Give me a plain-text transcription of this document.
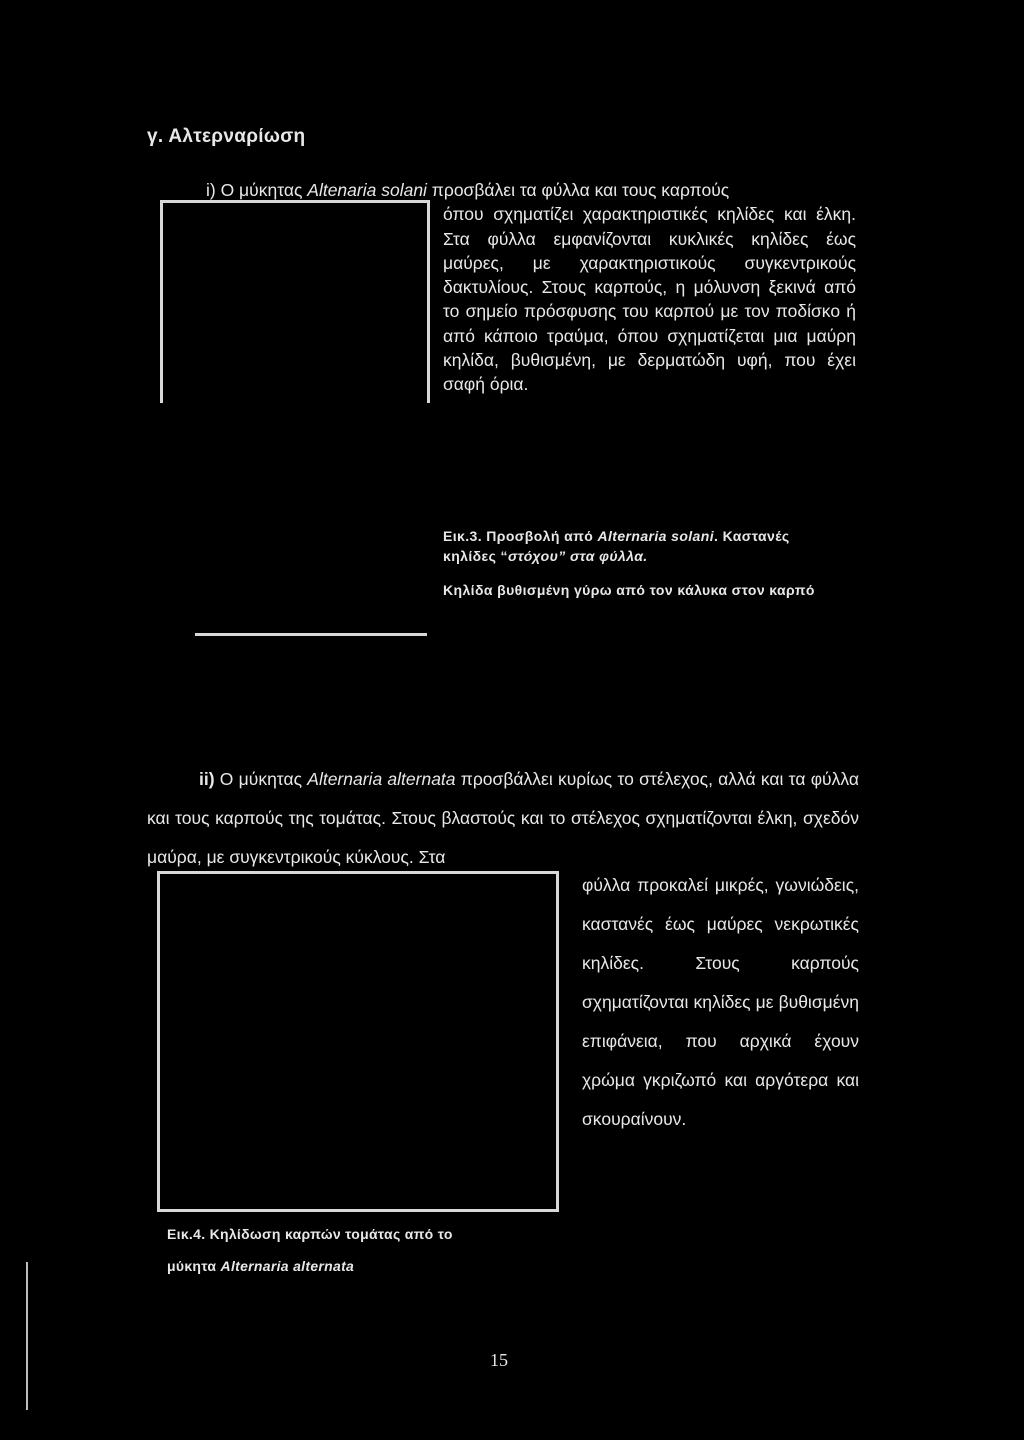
γ. Αλτερναρίωση
i) Ο μύκητας Altenaria solani προσβάλει τα φύλλα και τους καρπούς
όπου σχηματίζει χαρακτηριστικές κηλίδες και έλκη. Στα φύλλα εμφανίζονται κυκλικές κηλίδες έως μαύρες, με χαρακτηριστικούς συγκεντρικούς δακτυλίους. Στους καρπούς, η μόλυνση ξεκινά από το σημείο πρόσφυσης του καρπού με τον ποδίσκο ή από κάποιο τραύμα, όπου σχηματίζεται μια μαύρη κηλίδα, βυθισμένη, με δερματώδη υφή, που έχει σαφή όρια.
Εικ.3. Προσβολή από Alternaria solani. Καστανές
κηλίδες “στόχου” στα φύλλα.
Κηλίδα βυθισμένη γύρω από τον κάλυκα στον καρπό
ii) Ο μύκητας Alternaria alternata προσβάλλει κυρίως το στέλεχος, αλλά και τα φύλλα και τους καρπούς της τομάτας. Στους βλαστούς και το στέλεχος σχηματίζονται έλκη, σχεδόν μαύρα, με συγκεντρικούς κύκλους. Στα
φύλλα προκαλεί μικρές, γωνιώδεις, καστανές έως μαύρες νεκρωτικές κηλίδες. Στους καρπούς σχηματίζονται κηλίδες με βυθισμένη επιφάνεια, που αρχικά έχουν χρώμα γκριζωπό και αργότερα και σκουραίνουν.
Εικ.4. Κηλίδωση καρπών τομάτας από το
μύκητα Alternaria alternata
15
